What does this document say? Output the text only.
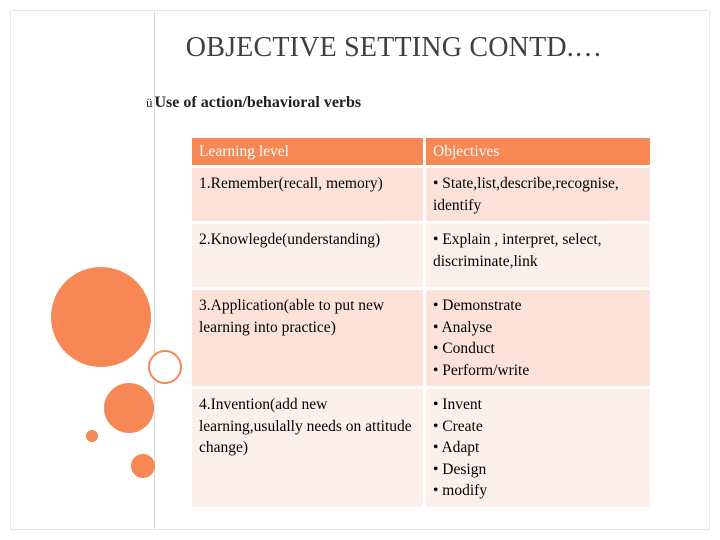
OBJECTIVE SETTING CONTD.…
ü Use of action/behavioral verbs
Learning level	Objectives
1.Remember(recall, memory)	• State,list,describe,recognise, identify

2.Knowlegde(understanding)	• Explain , interpret, select, discriminate,link

3.Application(able to put new learning into practice)	• Demonstrate
• Analyse
• Conduct
• Perform/write

4.Invention(add new learning,usulally needs on attitude change)	• Invent
• Create
• Adapt
• Design
• modify
